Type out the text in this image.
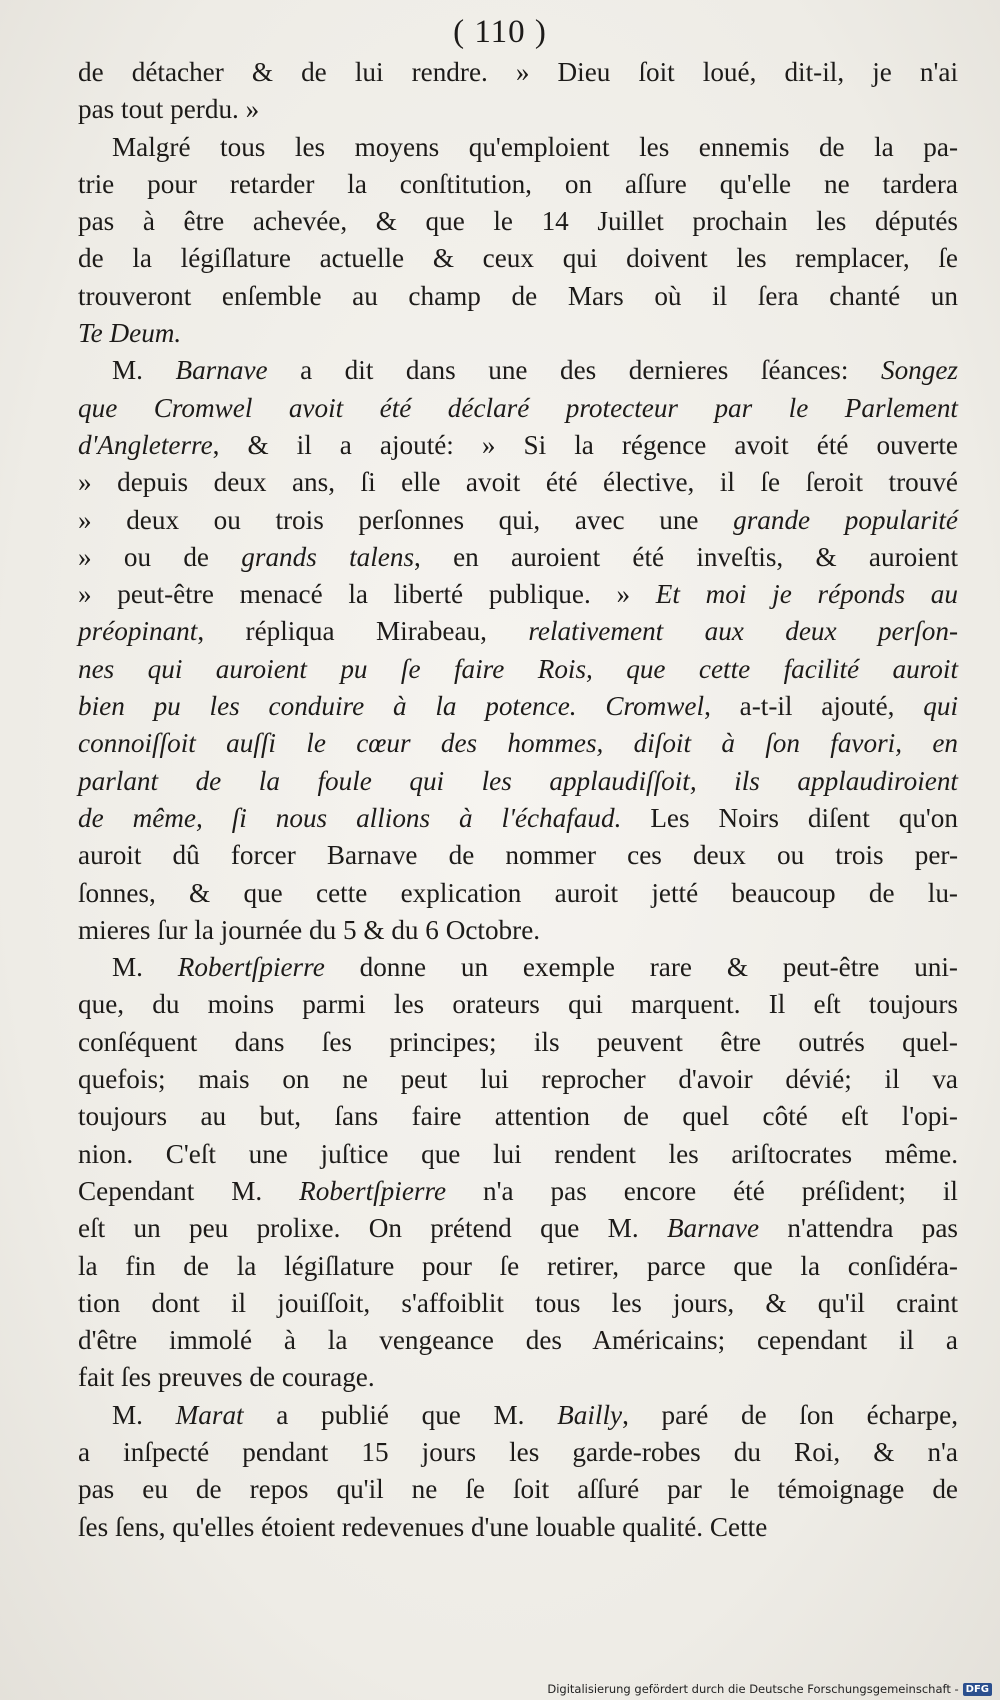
( 110 )
de détacher & de lui rendre. » Dieu ſoit loué, dit-il, je n'ai
pas tout perdu. »
Malgré tous les moyens qu'emploient les ennemis de la pa-
trie pour retarder la conſtitution, on aſſure qu'elle ne tardera
pas à être achevée, & que le 14 Juillet prochain les députés
de la légiſlature actuelle & ceux qui doivent les remplacer, ſe
trouveront enſemble au champ de Mars où il ſera chanté un
Te Deum.
M. Barnave a dit dans une des dernieres ſéances: Songez
que Cromwel avoit été déclaré protecteur par le Parlement
d'Angleterre, & il a ajouté: » Si la régence avoit été ouverte
» depuis deux ans, ſi elle avoit été élective, il ſe ſeroit trouvé
» deux ou trois perſonnes qui, avec une grande popularité
» ou de grands talens, en auroient été inveſtis, & auroient
» peut-être menacé la liberté publique. » Et moi je réponds au
préopinant, répliqua Mirabeau, relativement aux deux perſon-
nes qui auroient pu ſe faire Rois, que cette facilité auroit
bien pu les conduire à la potence. Cromwel, a-t-il ajouté, qui
connoiſſoit auſſi le cœur des hommes, diſoit à ſon favori, en
parlant de la foule qui les applaudiſſoit, ils applaudiroient
de même, ſi nous allions à l'échafaud. Les Noirs diſent qu'on
auroit dû forcer Barnave de nommer ces deux ou trois per-
ſonnes, & que cette explication auroit jetté beaucoup de lu-
mieres ſur la journée du 5 & du 6 Octobre.
M. Robertſpierre donne un exemple rare & peut-être uni-
que, du moins parmi les orateurs qui marquent. Il eſt toujours
conſéquent dans ſes principes; ils peuvent être outrés quel-
quefois; mais on ne peut lui reprocher d'avoir dévié; il va
toujours au but, ſans faire attention de quel côté eſt l'opi-
nion. C'eſt une juſtice que lui rendent les ariſtocrates même.
Cependant M. Robertſpierre n'a pas encore été préſident; il
eſt un peu prolixe. On prétend que M. Barnave n'attendra pas
la fin de la légiſlature pour ſe retirer, parce que la conſidéra-
tion dont il jouiſſoit, s'affoiblit tous les jours, & qu'il craint
d'être immolé à la vengeance des Américains; cependant il a
fait ſes preuves de courage.
M. Marat a publié que M. Bailly, paré de ſon écharpe,
a inſpecté pendant 15 jours les garde-robes du Roi, & n'a
pas eu de repos qu'il ne ſe ſoit aſſuré par le témoignage de
ſes ſens, qu'elles étoient redevenues d'une louable qualité. Cette
Digitalisierung gefördert durch die Deutsche Forschungsgemeinschaft - DFG
